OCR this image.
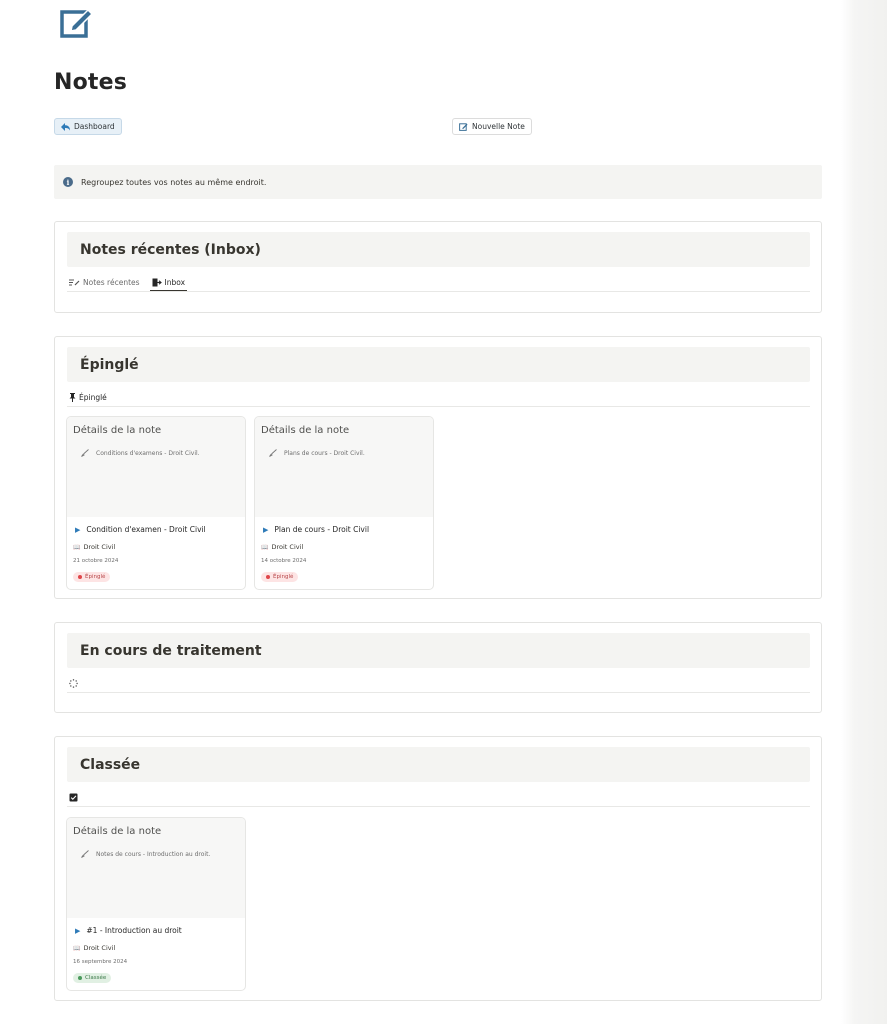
Notes
Dashboard	Nouvelle Note
i	Regroupez toutes vos notes au même endroit.
Notes récentes (Inbox)
Notes récentes	Inbox
Épinglé
Épinglé
Détails de la note
Conditions d'examens - Droit Civil.
▶ Condition d'examen - Droit Civil
📖 Droit Civil
21 octobre 2024
Épinglé
Détails de la note
Plans de cours - Droit Civil.
▶ Plan de cours - Droit Civil
📖 Droit Civil
14 octobre 2024
Épinglé
En cours de traitement
Classée
Détails de la note
Notes de cours - Introduction au droit.
▶ #1 - Introduction au droit
📖 Droit Civil
16 septembre 2024
Classée
